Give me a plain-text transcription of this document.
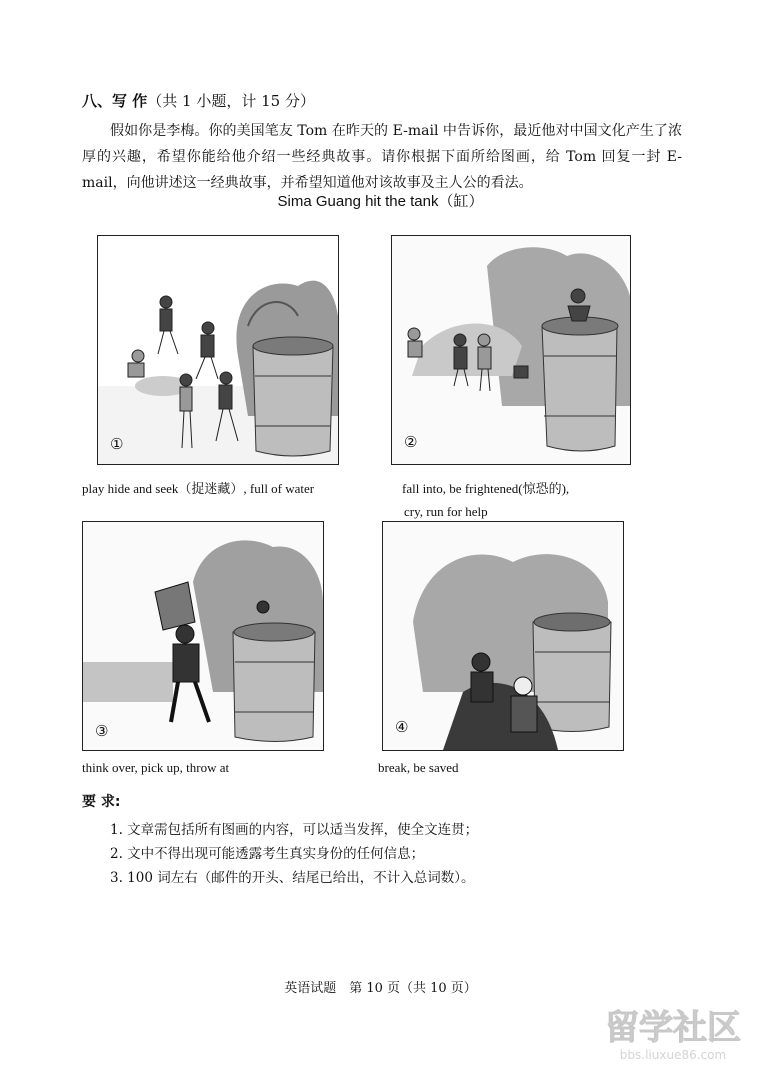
八、写 作（共 1 小题，计 15 分）
假如你是李梅。你的美国笔友 Tom 在昨天的 E-mail 中告诉你，最近他对中国文化产生了浓厚的兴趣，希望你能给他介绍一些经典故事。请你根据下面所给图画，给 Tom 回复一封 E-mail，向他讲述这一经典故事，并希望知道他对该故事及主人公的看法。
Sima Guang hit the tank（缸）
①	②
play hide and seek（捉迷藏）, full of water	fall into, be frightened(惊恐的),
cry, run for help
③	④
think over, pick up, throw at	break, be saved
要 求:
1. 文章需包括所有图画的内容，可以适当发挥，使全文连贯；
2. 文中不得出现可能透露考生真实身份的任何信息；
3. 100 词左右（邮件的开头、结尾已给出，不计入总词数）。
英语试题　第 10 页（共 10 页）
留学社区
bbs.liuxue86.com
